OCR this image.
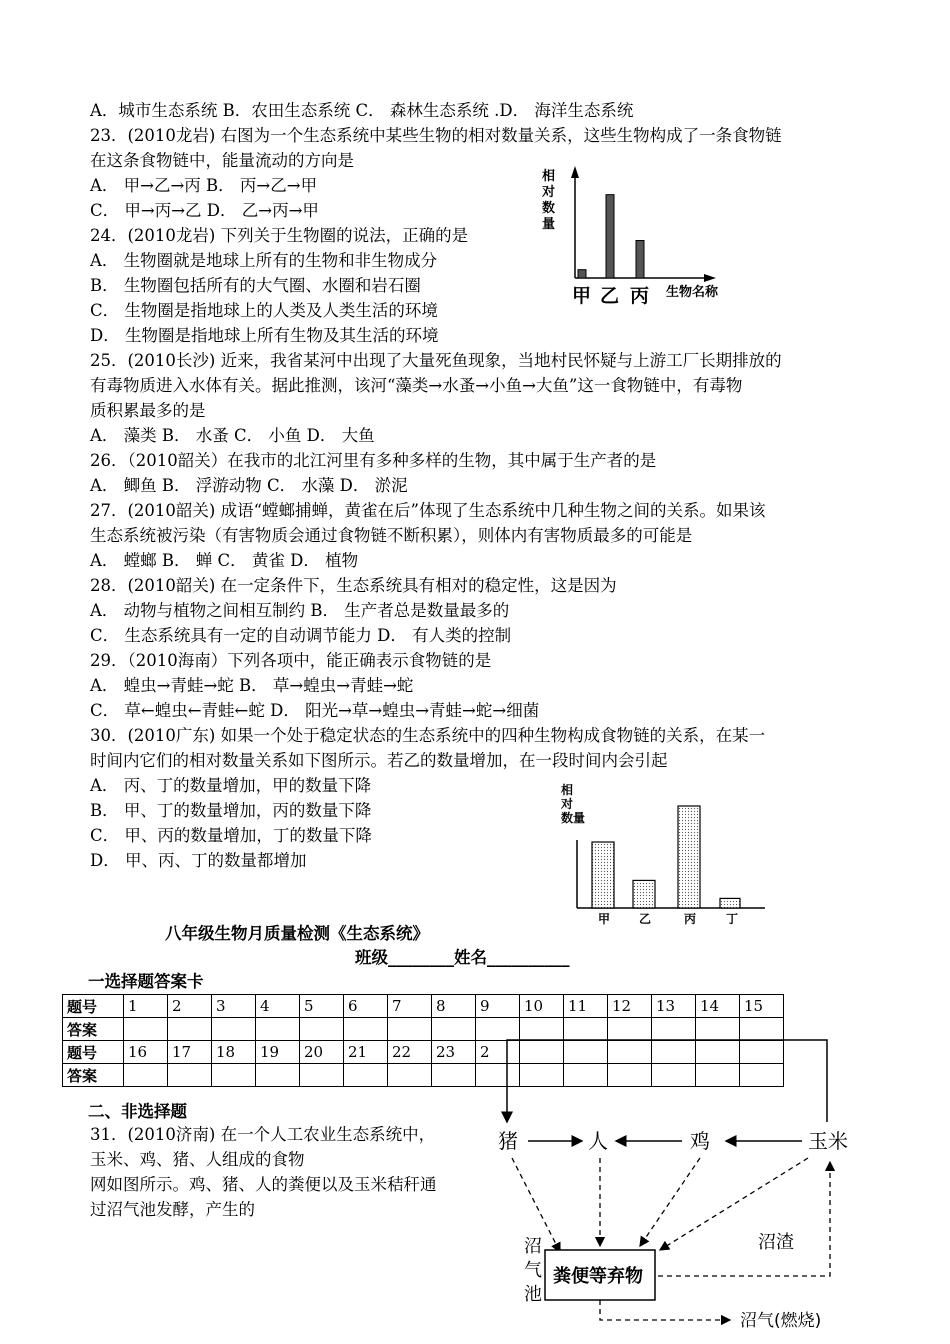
A．城市生态系统 B．农田生态系统 C． 森林生态系统 .D． 海洋生态系统
23．(2010龙岩) 右图为一个生态系统中某些生物的相对数量关系，这些生物构成了一条食物链
在这条食物链中，能量流动的方向是
A． 甲→乙→丙 B． 丙→乙→甲
C． 甲→丙→乙 D． 乙→丙→甲
24．(2010龙岩) 下列关于生物圈的说法，正确的是
A． 生物圈就是地球上所有的生物和非生物成分
B． 生物圈包括所有的大气圈、水圈和岩石圈
C． 生物圈是指地球上的人类及人类生活的环境
D． 生物圈是指地球上所有生物及其生活的环境
25．(2010长沙) 近来，我省某河中出现了大量死鱼现象，当地村民怀疑与上游工厂长期排放的
有毒物质进入水体有关。据此推测，该河“藻类→水蚤→小鱼→大鱼”这一食物链中，有毒物
质积累最多的是
A． 藻类 B． 水蚤 C． 小鱼 D． 大鱼
26．（2010韶关）在我市的北江河里有多种多样的生物，其中属于生产者的是
A． 鲫鱼 B． 浮游动物 C． 水藻 D． 淤泥
27．(2010韶关) 成语“螳螂捕蝉，黄雀在后”体现了生态系统中几种生物之间的关系。如果该
生态系统被污染（有害物质会通过食物链不断积累），则体内有害物质最多的可能是
A． 螳螂 B． 蝉 C． 黄雀 D． 植物
28．(2010韶关) 在一定条件下，生态系统具有相对的稳定性，这是因为
A． 动物与植物之间相互制约 B． 生产者总是数量最多的
C． 生态系统具有一定的自动调节能力 D． 有人类的控制
29．（2010海南）下列各项中，能正确表示食物链的是
A． 蝗虫→青蛙→蛇 B． 草→蝗虫→青蛙→蛇
C． 草←蝗虫←青蛙←蛇 D． 阳光→草→蝗虫→青蛙→蛇→细菌
30．(2010广东) 如果一个处于稳定状态的生态系统中的四种生物构成食物链的关系，在某一
时间内它们的相对数量关系如下图所示。若乙的数量增加，在一段时间内会引起
A． 丙、丁的数量增加，甲的数量下降
B． 甲、丁的数量增加，丙的数量下降
C． 甲、丙的数量增加，丁的数量下降
D． 甲、丙、丁的数量都增加
八年级生物月质量检测《生态系统》
班级________姓名__________
一选择题答案卡
题号	1	2	3	4	5	6	7	8	9	10	11	12	13	14	15
答案															
题号	16	17	18	19	20	21	22	23	2						
答案															
二、非选择题
31．(2010济南) 在一个人工农业生态系统中，
玉米、鸡、猪、人组成的食物
网如图所示。鸡、猪、人的粪便以及玉米秸秆通
过沼气池发酵，产生的
相对数量
甲 乙 丙 生物名称
相对数量
甲 乙	丙 丁
猪	人	鸡	玉米
粪便等弃物
沼气池
沼渣
沼气(燃烧)
